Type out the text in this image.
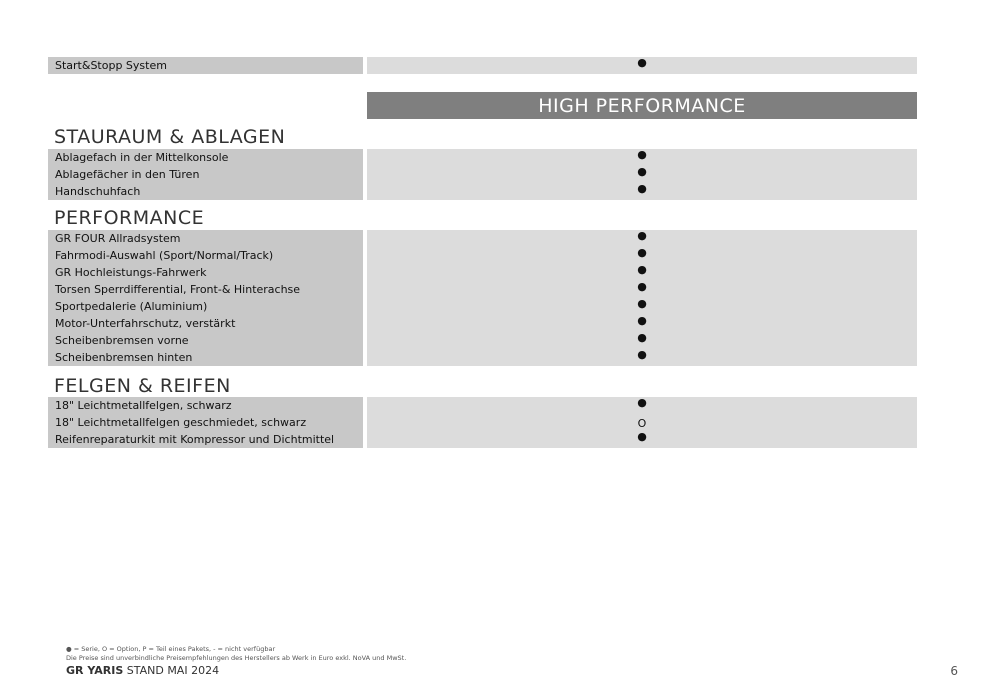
Start&Stopp System	●
HIGH PERFORMANCE
STAURAUM & ABLAGEN
Ablagefach in der Mittelkonsole	●
Ablagefächer in den Türen	●
Handschuhfach	●
PERFORMANCE
GR FOUR Allradsystem	●
Fahrmodi-Auswahl (Sport/Normal/Track)	●
GR Hochleistungs-Fahrwerk	●
Torsen Sperrdifferential, Front-& Hinterachse	●
Sportpedalerie (Aluminium)	●
Motor-Unterfahrschutz, verstärkt	●
Scheibenbremsen vorne	●
Scheibenbremsen hinten	●
FELGEN & REIFEN
18" Leichtmetallfelgen, schwarz	●
18" Leichtmetallfelgen geschmiedet, schwarz	O
Reifenreparaturkit mit Kompressor und Dichtmittel	●
● = Serie, O = Option, P = Teil eines Pakets, - = nicht verfügbar
Die Preise sind unverbindliche Preisempfehlungen des Herstellers ab Werk in Euro exkl. NoVA und MwSt.
GR YARIS STAND MAI 2024	6
